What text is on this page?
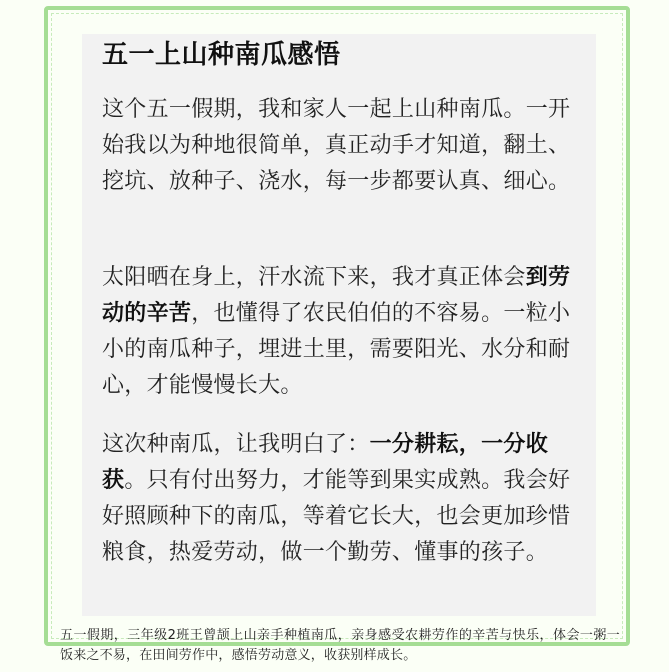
五一上山种南瓜感悟
这个五一假期，我和家人一起上山种南瓜。一开始我以为种地很简单，真正动手才知道，翻土、挖坑、放种子、浇水，每一步都要认真、细心。
太阳晒在身上，汗水流下来，我才真正体会到劳动的辛苦，也懂得了农民伯伯的不容易。一粒小小的南瓜种子，埋进土里，需要阳光、水分和耐心，才能慢慢长大。
这次种南瓜，让我明白了：一分耕耘，一分收获。只有付出努力，才能等到果实成熟。我会好好照顾种下的南瓜，等着它长大，也会更加珍惜粮食，热爱劳动，做一个勤劳、懂事的孩子。
五一假期，三年级2班王曾颉上山亲手种植南瓜，亲身感受农耕劳作的辛苦与快乐，体会一粥一饭来之不易，在田间劳作中，感悟劳动意义，收获别样成长。
